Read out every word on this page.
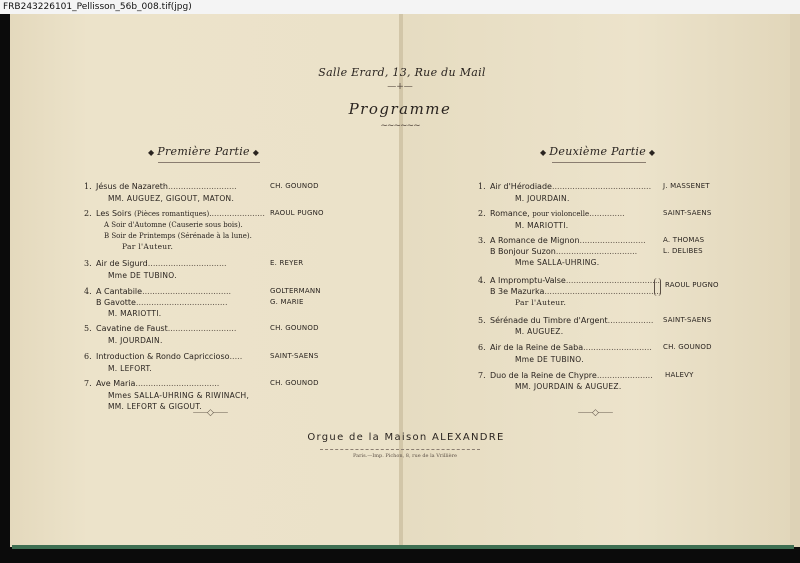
FRB243226101_Pellisson_56b_008.tif(jpg)
Salle Erard, 13, Rue du Mail
—+—
Programme
~~~~~~
◆ Première Partie ◆	◆ Deuxième Partie ◆
1. Jésus de Nazareth...........................	CH. GOUNOD
MM. AUGUEZ, GIGOUT, MATON.
2. Les Soirs (Pièces romantiques)...................... RAOUL PUGNO
A Soir d'Automne (Causerie sous bois).
B Soir de Printemps (Sérénade à la lune).
Par l'Auteur.
3. Air de Sigurd...............................	E. REYER
Mme DE TUBINO.
4. A Cantabile...................................	GOLTERMANN
B Gavotte....................................	G. MARIE
M. MARIOTTI.
5. Cavatine de Faust...........................	CH. GOUNOD
M. JOURDAIN.
6. Introduction & Rondo Capriccioso.....	SAINT-SAENS
M. LEFORT.
7. Ave Maria.................................	CH. GOUNOD
Mmes SALLA-UHRING & RIWINACH,
MM. LEFORT & GIGOUT.
1. Air d'Hérodiade....................................... J. MASSENET
M. JOURDAIN.
2. Romance, pour violoncelle..............	SAINT-SAENS
M. MARIOTTI.
3. A Romance de Mignon.......................... A. THOMAS
B Bonjour Suzon................................	L. DELIBES
Mme SALLA-UHRING.
4. A Impromptu-Valse..................................... RAOUL PUGNO
B 3e Mazurka..............................................
Par l'Auteur.
5. Sérénade du Timbre d'Argent.................. SAINT-SAENS
M. AUGUEZ.
6. Air de la Reine de Saba........................... CH. GOUNOD
Mme DE TUBINO.
7. Duo de la Reine de Chypre...................... HALEVY
MM. JOURDAIN & AUGUEZ.
⸺◇⸺	⸺◇⸺
Orgue de la Maison ALEXANDRE
Paris.—Imp. Pichon, 8, rue de la Vrillière
